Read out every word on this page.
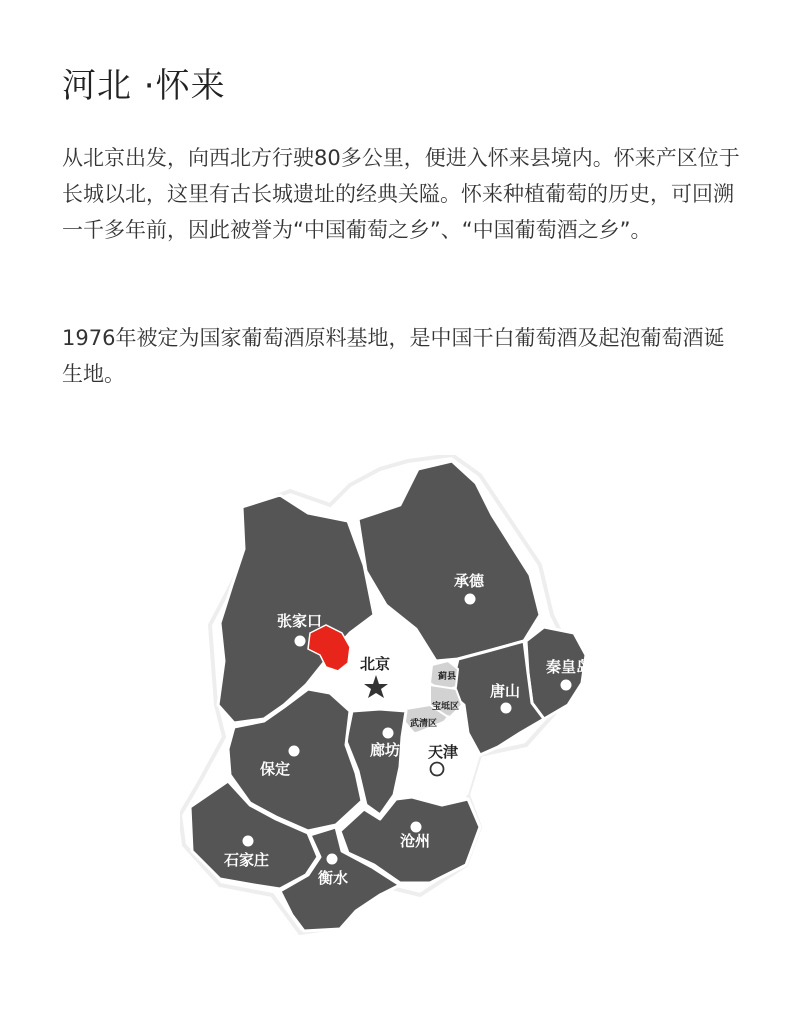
河北 ·怀来

从北京出发，向西北方行驶80多公里，便进入怀来县境内。怀来产区位于长城以北，这里有古长城遗址的经典关隘。怀来种植葡萄的历史，可回溯一千多年前，因此被誉为“中国葡萄之乡”、“中国葡萄酒之乡”。

1976年被定为国家葡萄酒原料基地，是中国干白葡萄酒及起泡葡萄酒诞生地。

承德
张家口
北京
蓟县
宝坻区
武清区
秦皇岛
唐山
廊坊 天津
保定
沧州
石家庄
衡水
